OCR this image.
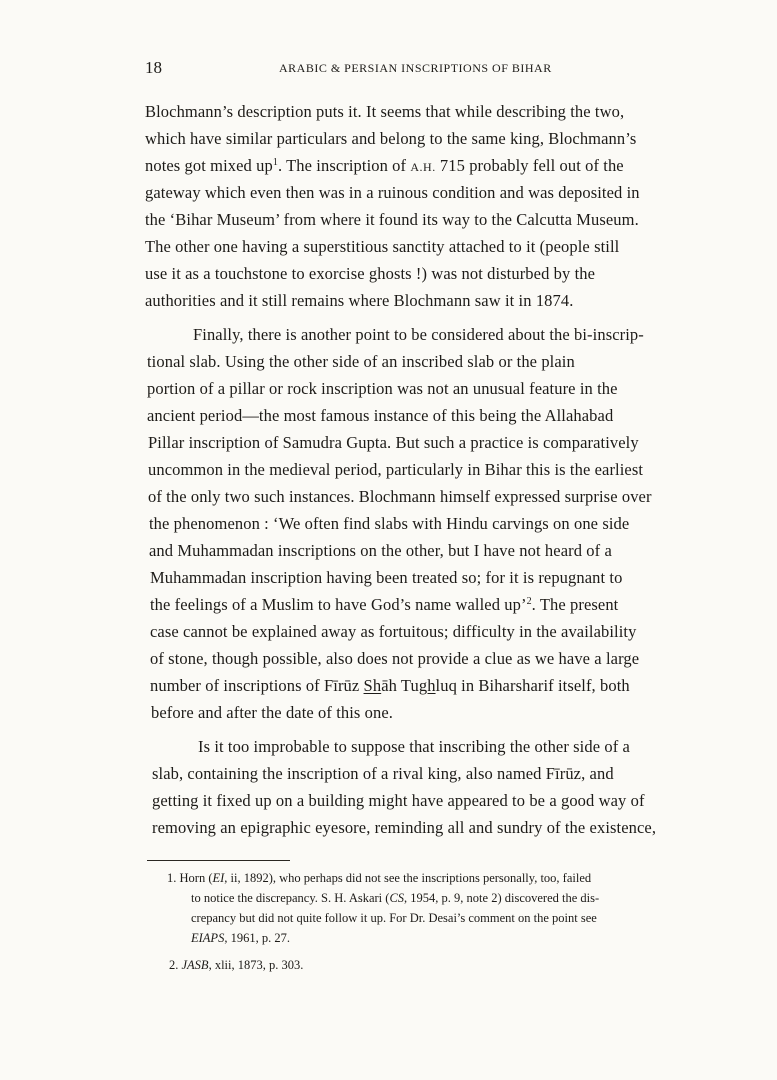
18	ARABIC & PERSIAN INSCRIPTIONS OF BIHAR
Blochmann’s description puts it. It seems that while describing the two,
which have similar particulars and belong to the same king, Blochmann’s
notes got mixed $up^1$. The inscription of A.H. 715 probably fell out of the
gateway which even then was in a ruinous condition and was deposited in
the ‘Bihar Museum’ from where it found its way to the Calcutta Museum.
The other one having a superstitious sanctity attached to it (people still
use it as a touchstone to exorcise ghosts !) was not disturbed by the
authorities and it still remains where Blochmann saw it in 1874.
Finally, there is another point to be considered about the bi-inscrip-
tional slab. Using the other side of an inscribed slab or the plain
portion of a pillar or rock inscription was not an unusual feature in the
ancient period—the most famous instance of this being the Allahabad
Pillar inscription of Samudra Gupta. But such a practice is comparatively
uncommon in the medieval period, particularly in Bihar this is the earliest
of the only two such instances. Blochmann himself expressed surprise over
the phenomenon : ‘We often find slabs with Hindu carvings on one side
and Muhammadan inscriptions on the other, but I have not heard of a
Muhammadan inscription having been treated so; for it is repugnant to
the feelings of a Muslim to have God’s name walled up’$^2$. The present
case cannot be explained away as fortuitous; difficulty in the availability
of stone, though possible, also does not provide a clue as we have a large
number of inscriptions of Fīrūz Shāh Tughluq in Biharsharif itself, both
before and after the date of this one.
Is it too improbable to suppose that inscribing the other side of a
slab, containing the inscription of a rival king, also named Fīrūz, and
getting it fixed up on a building might have appeared to be a good way of
removing an epigraphic eyesore, reminding all and sundry of the existence,
1. Horn (EI, ii, 1892), who perhaps did not see the inscriptions personally, too, failed
to notice the discrepancy. S. H. Askari (CS, 1954, p. 9, note 2) discovered the dis-
crepancy but did not quite follow it up. For Dr. Desai’s comment on the point see
EIAPS, 1961, p. 27.
2. JASB, xlii, 1873, p. 303.
